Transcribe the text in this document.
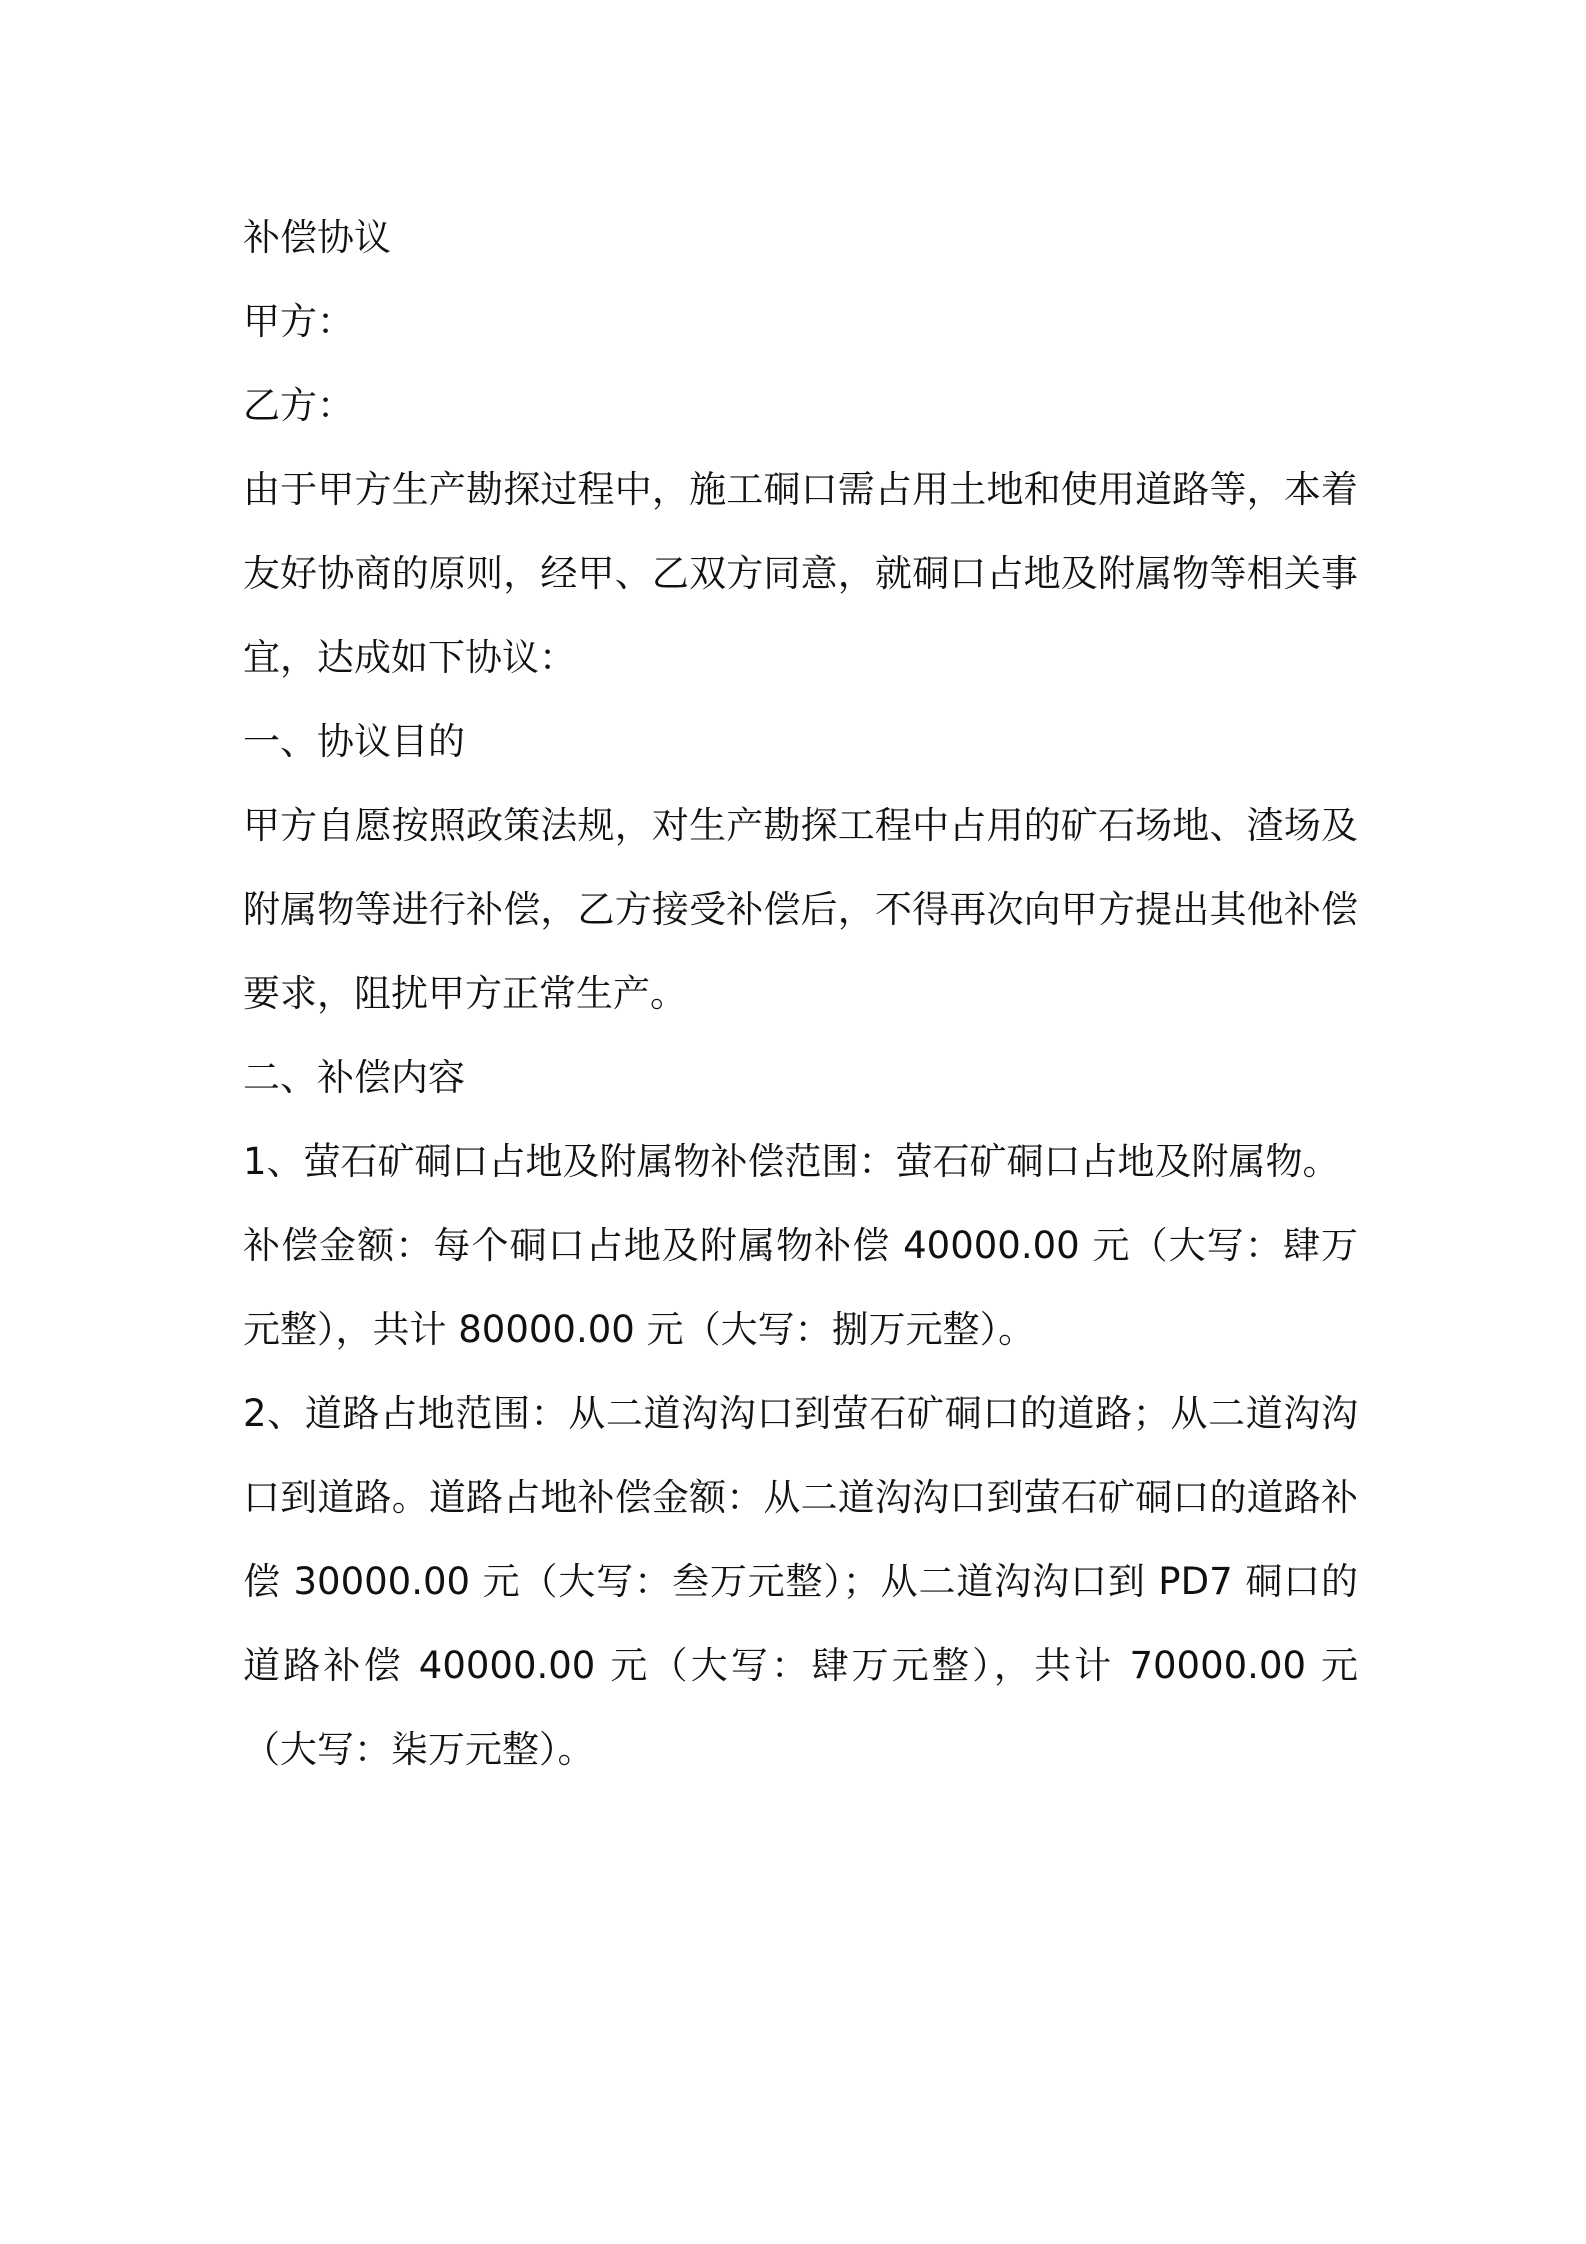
补偿协议
甲方：
乙方：

由于甲方生产勘探过程中，施工硐口需占用土地和使用道路等，本着友好协商的原则，经甲、乙双方同意，就硐口占地及附属物等相关事宜，达成如下协议：

一、协议目的

甲方自愿按照政策法规，对生产勘探工程中占用的矿石场地、渣场及附属物等进行补偿，乙方接受补偿后，不得再次向甲方提出其他补偿要求，阻扰甲方正常生产。

二、补偿内容

1、萤石矿硐口占地及附属物补偿范围：萤石矿硐口占地及附属物。

补偿金额：每个硐口占地及附属物补偿 40000.00 元（大写：肆万元整），共计 80000.00 元（大写：捌万元整）。

2、道路占地范围：从二道沟沟口到萤石矿硐口的道路；从二道沟沟口到道路。道路占地补偿金额：从二道沟沟口到萤石矿硐口的道路补偿 30000.00 元（大写：叁万元整）；从二道沟沟口到 PD7 硐口的道路补偿 40000.00 元（大写：肆万元整），共计 70000.00 元（大写：柒万元整）。
